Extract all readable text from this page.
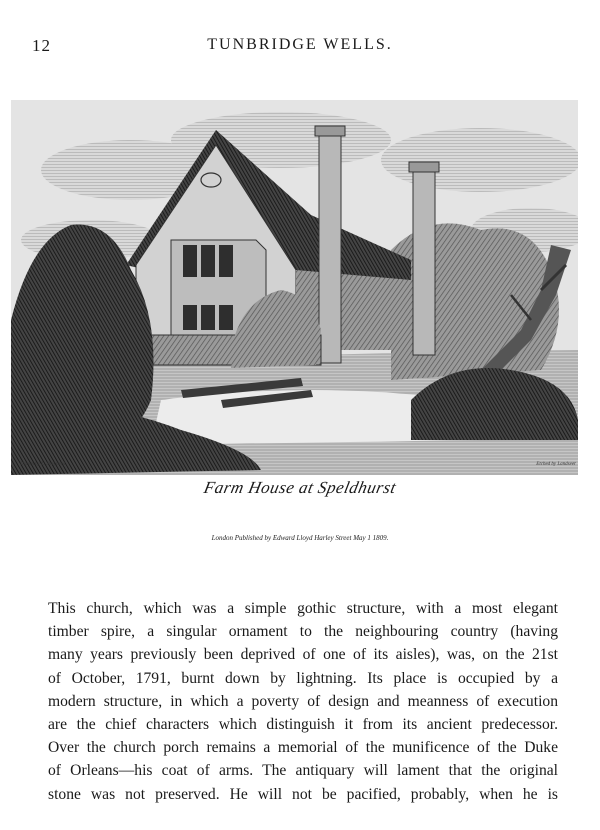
12	TUNBRIDGE WELLS.
Drawn by L. Shepherd	Etched by Landseer
Farm House at Speldhurst
London Published by Edward Lloyd Harley Street May 1 1809.
This church, which was a simple gothic structure, with a most elegant
timber spire, a singular ornament to the neighbouring country (having
many years previously been deprived of one of its aisles), was, on the 21st
of October, 1791, burnt down by lightning. Its place is occupied by a
modern structure, in which a poverty of design and meanness of execution
are the chief characters which distinguish it from its ancient predecessor.
Over the church porch remains a memorial of the munificence of the Duke
of Orleans—his coat of arms. The antiquary will lament that the original
stone was not preserved. He will not be pacified, probably, when he is
